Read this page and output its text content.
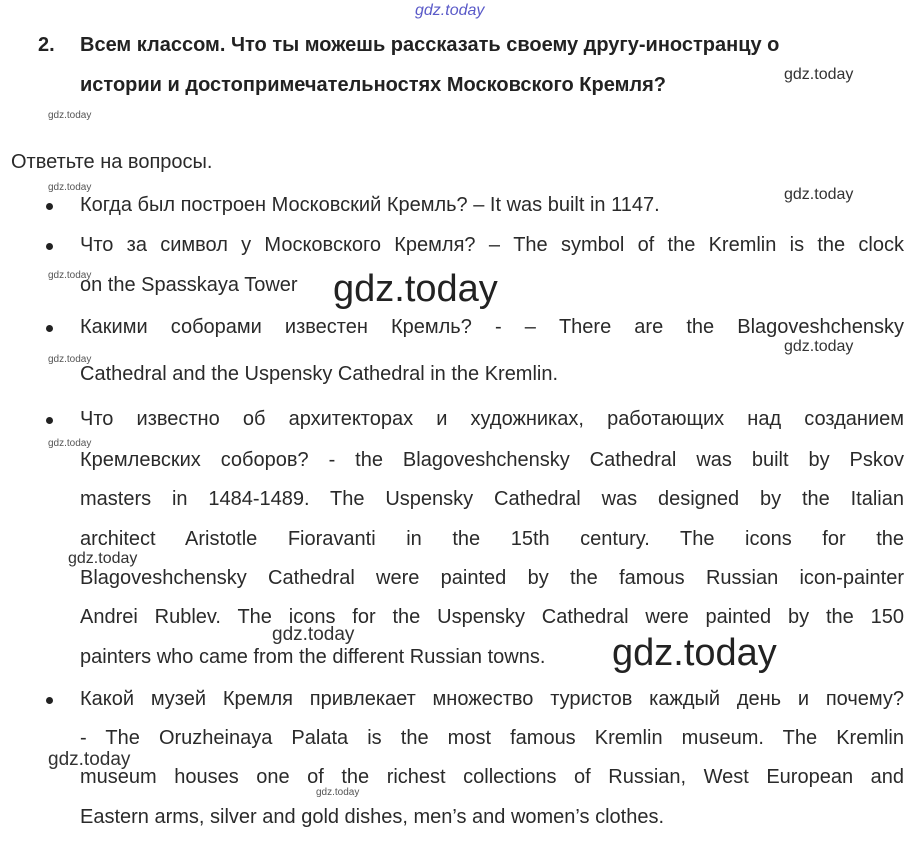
gdz.today
2. Всем классом. Что ты можешь рассказать своему другу-иностранцу о
истории и достопримечательностях Московского Кремля?
Ответьте на вопросы.
Когда был построен Московский Кремль? – It was built in 1147.
Что за символ у Московского Кремля? – The symbol of the Kremlin is the clock
on the Spasskaya Tower
Какими соборами известен Кремль? - – There are the Blagoveshchensky
Cathedral and the Uspensky Cathedral in the Kremlin.
Что известно об архитекторах и художниках, работающих над созданием
Кремлевских соборов? - the Blagoveshchensky Cathedral was built by Pskov
masters in 1484-1489. The Uspensky Cathedral was designed by the Italian
architect Aristotle Fioravanti in the 15th century. The icons for the
Blagoveshchensky Cathedral were painted by the famous Russian icon-painter
Andrei Rublev. The icons for the Uspensky Cathedral were painted by the 150
painters who came from the different Russian towns.
Какой музей Кремля привлекает множество туристов каждый день и почему?
- The Oruzheinaya Palata is the most famous Kremlin museum. The Kremlin
museum houses one of the richest collections of Russian, West European and
Eastern arms, silver and gold dishes, men’s and women’s clothes.
gdz.today
gdz.today
gdz.today	gdz.today
gdz.today	gdz.today
gdz.today
gdz.today
gdz.today
gdz.today
gdz.today	gdz.today
gdz.today
gdz.today
